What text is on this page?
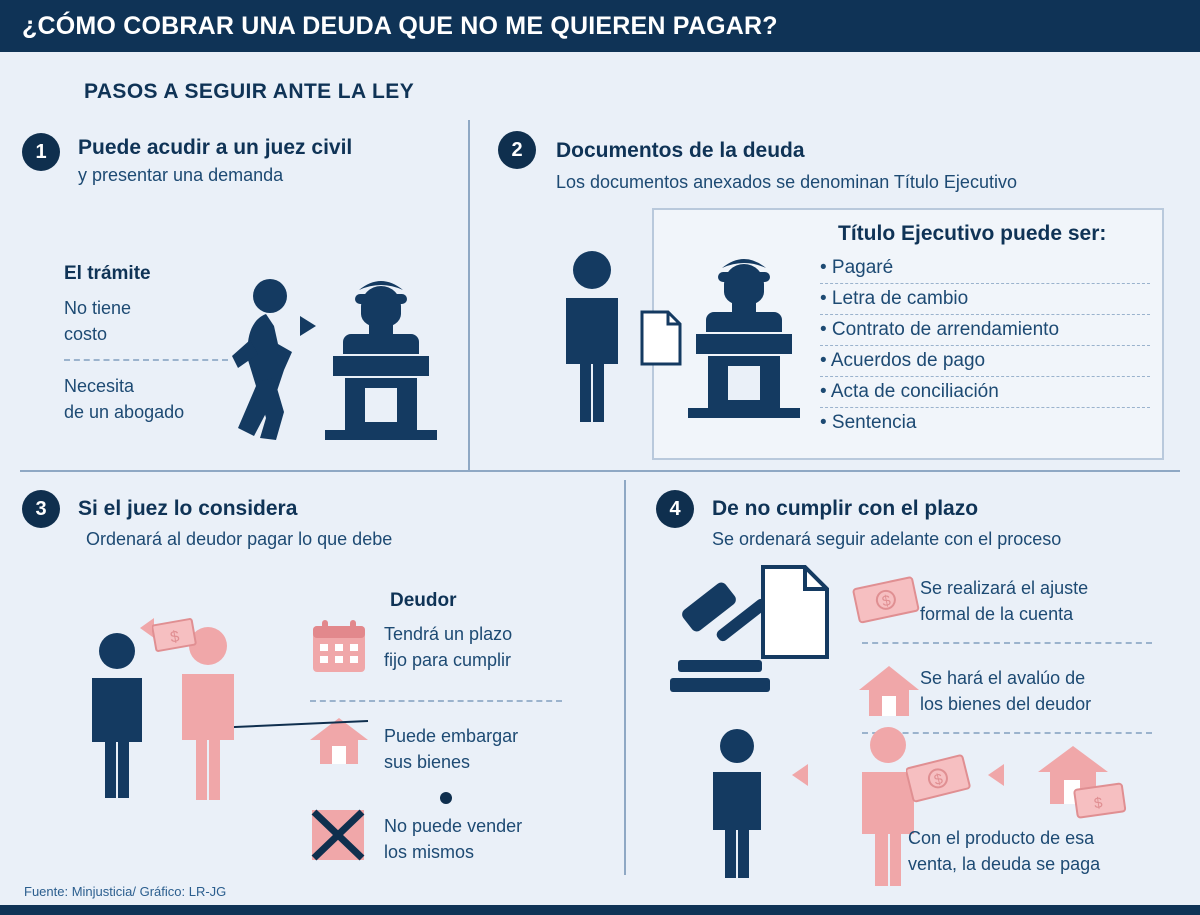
¿CÓMO COBRAR UNA DEUDA QUE NO ME QUIEREN PAGAR?
PASOS A SEGUIR ANTE LA LEY
1	Puede acudir a un juez civil
y presentar una demanda
El trámite
No tiene
costo
Necesita
de un abogado
2	Documentos de la deuda
Los documentos anexados se denominan Título Ejecutivo
Título Ejecutivo puede ser:
• Pagaré
• Letra de cambio
• Contrato de arrendamiento
• Acuerdos de pago
• Acta de conciliación
• Sentencia
3	Si el juez lo considera
Ordenará al deudor pagar lo que debe
Deudor
Tendrá un plazo
fijo para cumplir
Puede embargar
sus bienes
No puede vender
los mismos
$
4	De no cumplir con el plazo
Se ordenará seguir adelante con el proceso
$
Se realizará el ajuste
formal de la cuenta
Se hará el avalúo de
los bienes del deudor
$
$
Con el producto de esa
venta, la deuda se paga
Fuente: Minjusticia/ Gráfico: LR-JG
